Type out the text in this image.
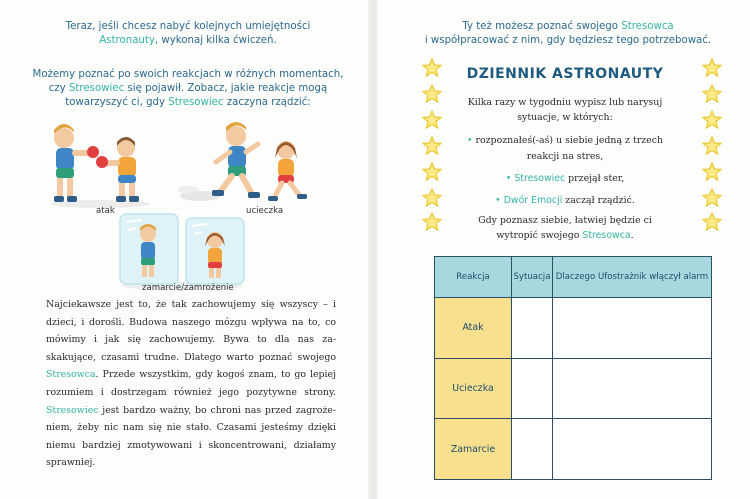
Teraz, jeśli chcesz nabyć kolejnych umiejętności
Astronauty, wykonaj kilka ćwiczeń.
Możemy poznać po swoich reakcjach w różnych momentach,
czy Stresowiec się pojawił. Zobacz, jakie reakcje mogą
towarzyszyć ci, gdy Stresowiec zaczyna rządzić:
atak	ucieczka
zamarcie/zamrożenie
Najciekawsze jest to, że tak zachowujemy się wszyscy – i dzieci, i dorośli. Budowa naszego mózgu wpływa na to, co mówimy i jak się zachowujemy. Bywa to dla nas za-skakujące, czasami trudne. Dlatego warto poznać swojego Stresowca. Przede wszystkim, gdy kogoś znam, to go lepiej rozumiem i dostrzegam również jego pozytywne strony. Stresowiec jest bardzo ważny, bo chroni nas przed zagroże-niem, żeby nic nam się nie stało. Czasami jesteśmy dzięki niemu bardziej zmotywowani i skoncentrowani, działamy sprawniej.
Ty też możesz poznać swojego Stresowca
i współpracować z nim, gdy będziesz tego potrzebować.
DZIENNIK ASTRONAUTY
Kilka razy w tygodniu wypisz lub narysuj
sytuacje, w których:
• rozpoznałeś(-aś) u siebie jedną z trzech
reakcji na stres,
• Stresowiec przejął ster,
• Dwór Emocji zaczął rządzić.
Gdy poznasz siebie, łatwiej będzie ci
wytropić swojego Stresowca.
Reakcja	Sytuacja	Dlaczego Ufostrażnik włączył alarm
Atak		
Ucieczka		
Zamarcie		
